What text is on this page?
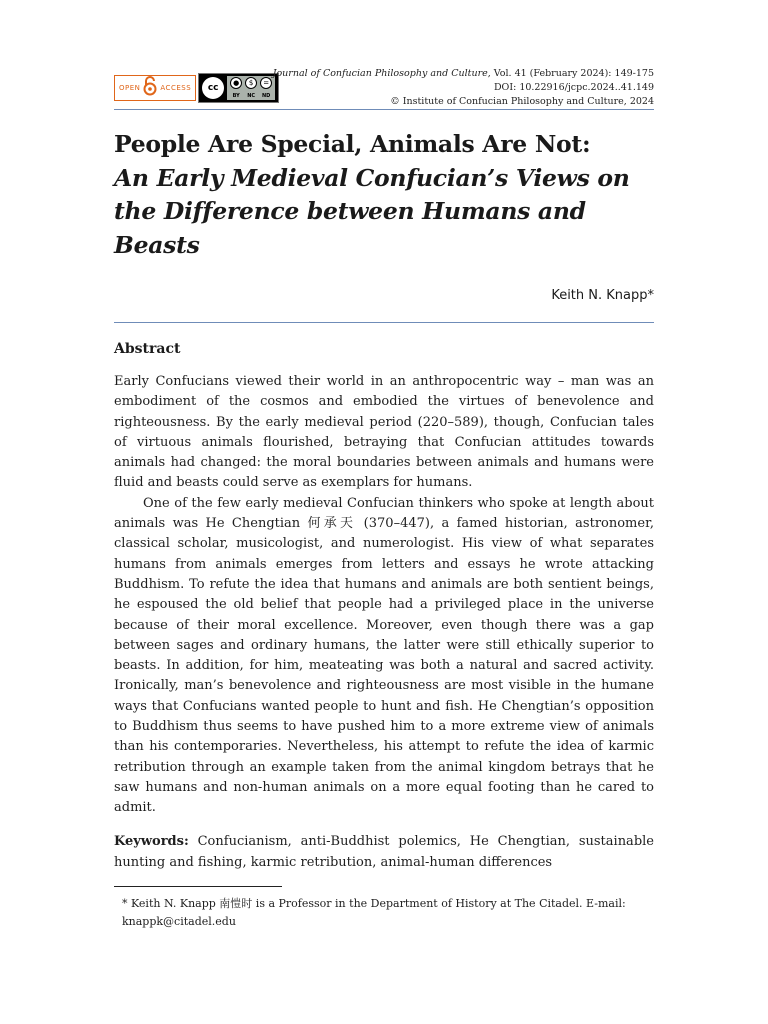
OPEN	ACCESS	cc	●	$	=
BY	NC	ND
Journal of Confucian Philosophy and Culture, Vol. 41 (February 2024): 149-175
DOI: 10.22916/jcpc.2024..41.149
© Institute of Confucian Philosophy and Culture, 2024
People Are Special, Animals Are Not:
An Early Medieval Confucian’s Views on the Difference between Humans and Beasts
Keith N. Knapp*
Abstract

Early Confucians viewed their world in an anthropocentric way – man was an embodiment of the cosmos and embodied the virtues of benevolence and righteousness. By the early medieval period (220–589), though, Confucian tales of virtuous animals flourished, betraying that Confucian attitudes towards animals had changed: the moral boundaries between animals and humans were fluid and beasts could serve as exemplars for humans.

One of the few early medieval Confucian thinkers who spoke at length about animals was He Chengtian 何承天 (370–447), a famed historian, astronomer, classical scholar, musicologist, and numerologist. His view of what separates humans from animals emerges from letters and essays he wrote attacking Buddhism. To refute the idea that humans and animals are both sentient beings, he espoused the old belief that people had a privileged place in the universe because of their moral excellence. Moreover, even though there was a gap between sages and ordinary humans, the latter were still ethically superior to beasts. In addition, for him, meateating was both a natural and sacred activity. Ironically, man’s benevolence and righteousness are most visible in the humane ways that Confucians wanted people to hunt and fish. He Chengtian’s opposition to Buddhism thus seems to have pushed him to a more extreme view of animals than his contemporaries. Nevertheless, his attempt to refute the idea of karmic retribution through an example taken from the animal kingdom betrays that he saw humans and non-human animals on a more equal footing than he cared to admit.

Keywords: Confucianism, anti-Buddhist polemics, He Chengtian, sustainable hunting and fishing, karmic retribution, animal-human differences
* Keith N. Knapp 南愷时 is a Professor in the Department of History at The Citadel. E-mail: knappk@citadel.edu
